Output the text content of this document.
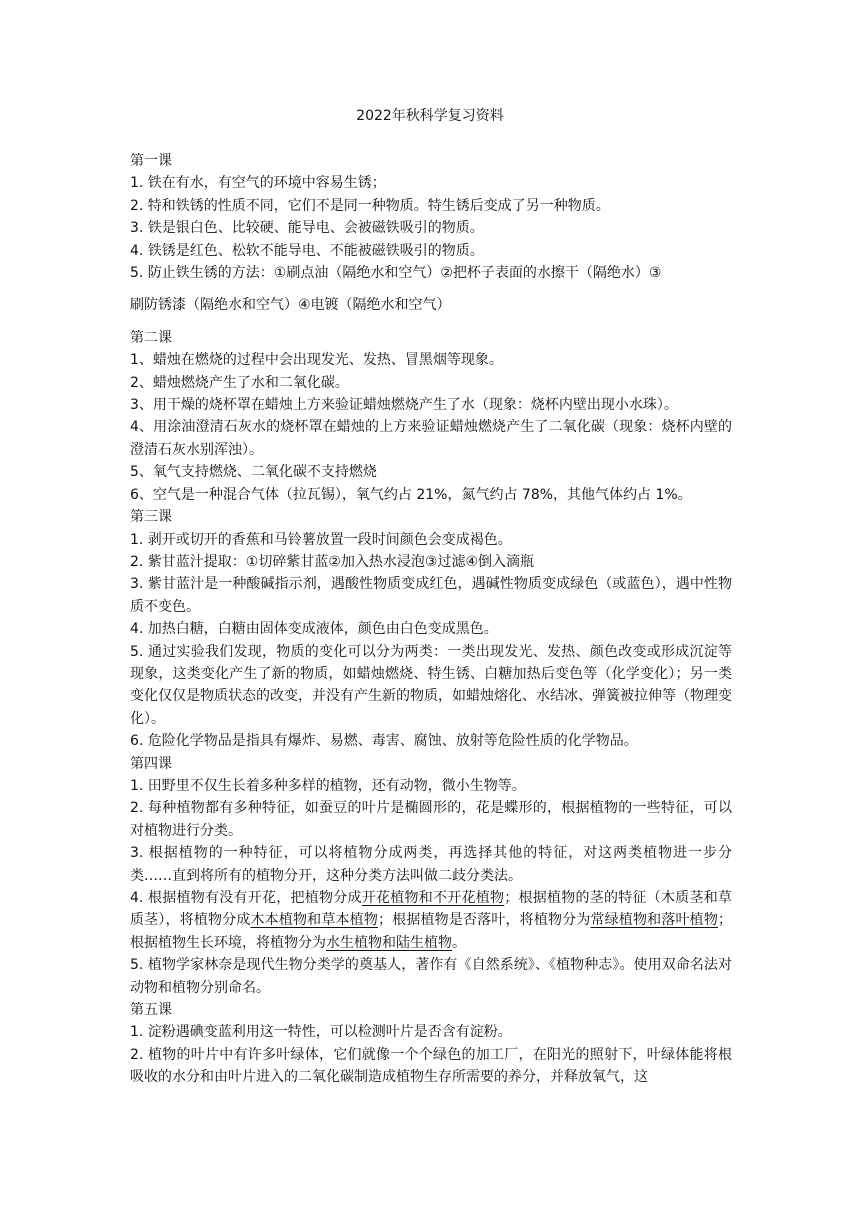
2022年秋科学复习资料
第一课
1. 铁在有水，有空气的环境中容易生锈；
2. 特和铁锈的性质不同，它们不是同一种物质。特生锈后变成了另一种物质。
3. 铁是银白色、比较硬、能导电、会被磁铁吸引的物质。
4. 铁锈是红色、松软不能导电、不能被磁铁吸引的物质。
5. 防止铁生锈的方法：①刷点油（隔绝水和空气）②把杯子表面的水擦干（隔绝水）③
刷防锈漆（隔绝水和空气）④电镀（隔绝水和空气）
第二课
1、蜡烛在燃烧的过程中会出现发光、发热、冒黑烟等现象。
2、蜡烛燃烧产生了水和二氧化碳。
3、用干燥的烧杯罩在蜡烛上方来验证蜡烛燃烧产生了水（现象：烧杯内壁出现小水珠）。
4、用涂油澄清石灰水的烧杯罩在蜡烛的上方来验证蜡烛燃烧产生了二氧化碳（现象：烧杯内壁的澄清石灰水别浑浊）。
5、氧气支持燃烧、二氧化碳不支持燃烧
6、空气是一种混合气体（拉瓦锡），氧气约占 21%，氮气约占 78%，其他气体约占 1%。
第三课
1. 剥开或切开的香蕉和马铃薯放置一段时间颜色会变成褐色。
2. 紫甘蓝汁提取：①切碎紫甘蓝②加入热水浸泡③过滤④倒入滴瓶
3. 紫甘蓝汁是一种酸碱指示剂，遇酸性物质变成红色，遇碱性物质变成绿色（或蓝色），遇中性物质不变色。
4. 加热白糖，白糖由固体变成液体，颜色由白色变成黑色。
5. 通过实验我们发现，物质的变化可以分为两类：一类出现发光、发热、颜色改变或形成沉淀等现象，这类变化产生了新的物质，如蜡烛燃烧、特生锈、白糖加热后变色等（化学变化）；另一类变化仅仅是物质状态的改变，并没有产生新的物质，如蜡烛熔化、水结冰、弹簧被拉伸等（物理变化）。
6. 危险化学物品是指具有爆炸、易燃、毒害、腐蚀、放射等危险性质的化学物品。
第四课
1. 田野里不仅生长着多种多样的植物，还有动物，微小生物等。
2. 每种植物都有多种特征，如蚕豆的叶片是椭圆形的，花是蝶形的，根据植物的一些特征，可以对植物进行分类。
3. 根据植物的一种特征，可以将植物分成两类，再选择其他的特征，对这两类植物进一步分类……直到将所有的植物分开，这种分类方法叫做二歧分类法。
4. 根据植物有没有开花，把植物分成开花植物和不开花植物；根据植物的茎的特征（木质茎和草质茎），将植物分成木本植物和草本植物；根据植物是否落叶，将植物分为常绿植物和落叶植物；根据植物生长环境，将植物分为水生植物和陆生植物。
5. 植物学家林奈是现代生物分类学的奠基人，著作有《自然系统》、《植物种志》。使用双命名法对动物和植物分别命名。
第五课
1. 淀粉遇碘变蓝利用这一特性，可以检测叶片是否含有淀粉。
2. 植物的叶片中有许多叶绿体，它们就像一个个绿色的加工厂，在阳光的照射下，叶绿体能将根吸收的水分和由叶片进入的二氧化碳制造成植物生存所需要的养分，并释放氧气，这
